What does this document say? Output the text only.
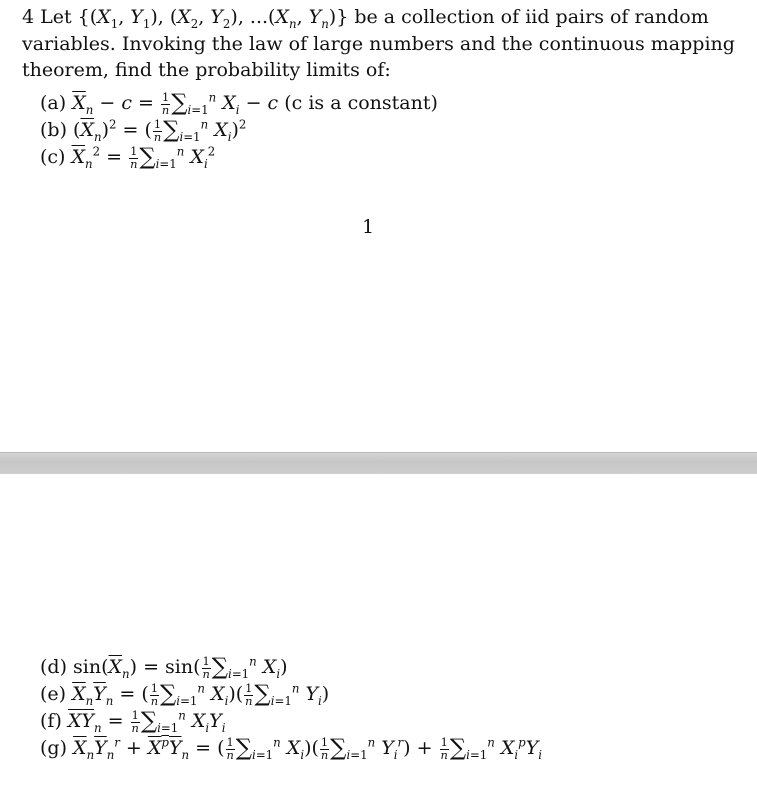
4 Let {($X_1$, $Y_1$), ($X_2$, $Y_2$), $...(X_n$, $Y_n$)} be a collection of iid pairs of random variables. Invoking the law of large numbers and the continuous mapping theorem, find the probability limits of:

(a) $\overline{X}_n - c = \frac{1}{n} \sum_{i=1}^n$ $X_i - c$ (c is a constant)
(b) $(\overline{X}_n)^2$ = ( $\frac{1}{n} \sum_{i=1}^n$ $X_i)^2$
(c) $\overline{X}_n^2 = \frac{1}{n} \sum_{i=1}^n$ $X_i^2$
1
(d) $\sin(\overline{X}_n) = \sin( \frac{1}{n} \sum_{i=1}^n$ $X_i$)
(e) $\overline{X}_n\overline{Y}_n$ = ( $\frac{1}{n} \sum_{i=1}^n$ $X_i)( \frac{1}{n} \sum_{i=1}^n$ $Y_i$)
(f) $\overline{XY}_n = \frac{1}{n} \sum_{i=1}^n$ $X_iY_i$
(g) $\overline{X}_n\overline{Y}_n^r + X^pY_n$ = ( $\frac{1}{n} \sum_{i=1}^n$ $X_i)( \frac{1}{n} \sum_{i=1}^n$ $Y_i^r) + \frac{1}{n} \sum_{i=1}^n$ $X_i^pY_i$
